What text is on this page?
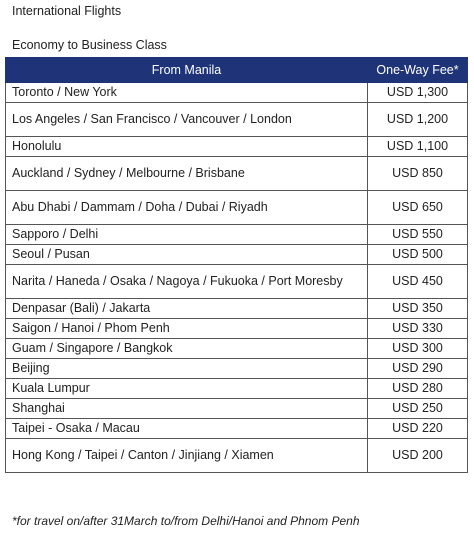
International Flights
Economy to Business Class
From Manila	One-Way Fee*
Toronto / New York	USD 1,300
Los Angeles / San Francisco / Vancouver / London	USD 1,200
Honolulu	USD 1,100
Auckland / Sydney / Melbourne / Brisbane	USD 850
Abu Dhabi / Dammam / Doha / Dubai / Riyadh	USD 650
Sapporo / Delhi	USD 550
Seoul / Pusan	USD 500
Narita / Haneda / Osaka / Nagoya / Fukuoka / Port Moresby	USD 450
Denpasar (Bali) / Jakarta	USD 350
Saigon / Hanoi / Phom Penh	USD 330
Guam / Singapore / Bangkok	USD 300
Beijing	USD 290
Kuala Lumpur	USD 280
Shanghai	USD 250
Taipei - Osaka / Macau	USD 220
Hong Kong / Taipei / Canton / Jinjiang / Xiamen	USD 200
*for travel on/after 31March to/from Delhi/Hanoi and Phnom Penh
